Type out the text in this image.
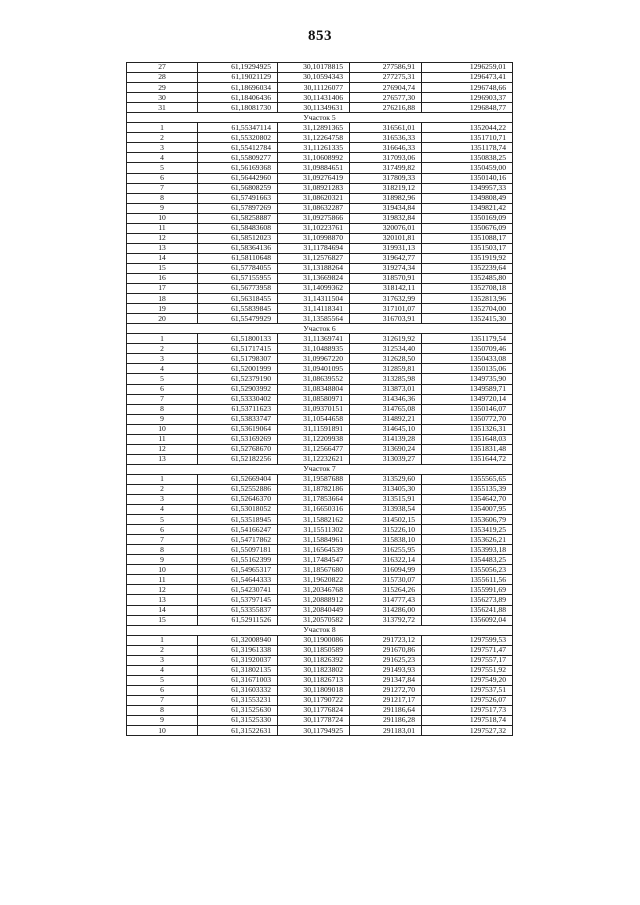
853
27	61,19294925	30,10178815	277586,91	1296259,01
28	61,19021129	30,10594343	277275,31	1296473,41
29	61,18696034	30,11126077	276904,74	1296748,66
30	61,18406436	30,11431406	276577,30	1296903,37
31	61,18081730	30,11349631	276216,88	1296848,77
Участок 5				
1	61,55347114	31,12891365	316561,01	1352044,22
2	61,55320802	31,12264758	316536,33	1351710,71
3	61,55412784	31,11261335	316646,33	1351178,74
4	61,55809277	31,10608992	317093,06	1350838,25
5	61,56169368	31,09884651	317499,82	1350459,00
6	61,56442960	31,09276419	317809,33	1350140,16
7	61,56808259	31,08921283	318219,12	1349957,33
8	61,57491663	31,08620321	318982,96	1349808,49
9	61,57897269	31,08632287	319434,84	1349821,42
10	61,58258887	31,09275866	319832,84	1350169,09
11	61,58483608	31,10223761	320076,01	1350676,09
12	61,58512023	31,10998870	320101,81	1351088,17
13	61,58364136	31,11784694	319931,13	1351503,17
14	61,58110648	31,12576827	319642,77	1351919,92
15	61,57784055	31,13188264	319274,34	1352239,64
16	61,57155955	31,13669824	318570,91	1352485,80
17	61,56773958	31,14099362	318142,11	1352708,18
18	61,56318455	31,14311504	317632,99	1352813,96
19	61,55839845	31,14118341	317101,07	1352704,00
20	61,55479929	31,13585564	316703,91	1352415,30
Участок 6				
1	61,51800133	31,11369741	312619,92	1351179,54
2	61,51717415	31,10488935	312534,40	1350709,46
3	61,51798307	31,09967220	312628,50	1350433,08
4	61,52001999	31,09401095	312859,81	1350135,06
5	61,52379190	31,08639552	313285,98	1349735,90
6	61,52903992	31,08348804	313873,01	1349589,71
7	61,53330402	31,08580971	314346,36	1349720,14
8	61,53711623	31,09370151	314765,08	1350146,07
9	61,53833747	31,10544658	314892,21	1350772,70
10	61,53619064	31,11591891	314645,10	1351326,31
11	61,53169269	31,12209938	314139,28	1351648,03
12	61,52768670	31,12566477	313690,24	1351831,48
13	61,52182256	31,12232621	313039,27	1351644,72
Участок 7				
1	61,52669404	31,19587688	313529,60	1355565,65
2	61,52552886	31,18782186	313405,30	1355135,39
3	61,52646370	31,17853664	313515,91	1354642,70
4	61,53018052	31,16650316	313938,54	1354007,95
5	61,53518945	31,15882162	314502,15	1353606,79
6	61,54166247	31,15511302	315226,10	1353419,25
7	61,54717862	31,15884961	315838,10	1353626,21
8	61,55097181	31,16564539	316255,95	1353993,18
9	61,55162399	31,17484547	316322,14	1354483,25
10	61,54965317	31,18567680	316094,99	1355056,23
11	61,54644333	31,19620822	315730,07	1355611,56
12	61,54230741	31,20346768	315264,26	1355991,69
13	61,53797145	31,20888912	314777,43	1356273,89
14	61,53355837	31,20840449	314286,00	1356241,88
15	61,52911526	31,20570582	313792,72	1356092,04
Участок 8				
1	61,32008940	30,11900086	291723,12	1297599,53
2	61,31961338	30,11850589	291670,86	1297571,47
3	61,31920037	30,11826392	291625,23	1297557,17
4	61,31802135	30,11823802	291493,93	1297551,92
5	61,31671003	30,11826713	291347,84	1297549,20
6	61,31603332	30,11809018	291272,70	1297537,51
7	61,31553231	30,11790722	291217,17	1297526,07
8	61,31525630	30,11776824	291186,64	1297517,73
9	61,31525330	30,11778724	291186,28	1297518,74
10	61,31522631	30,11794925	291183,01	1297527,32
